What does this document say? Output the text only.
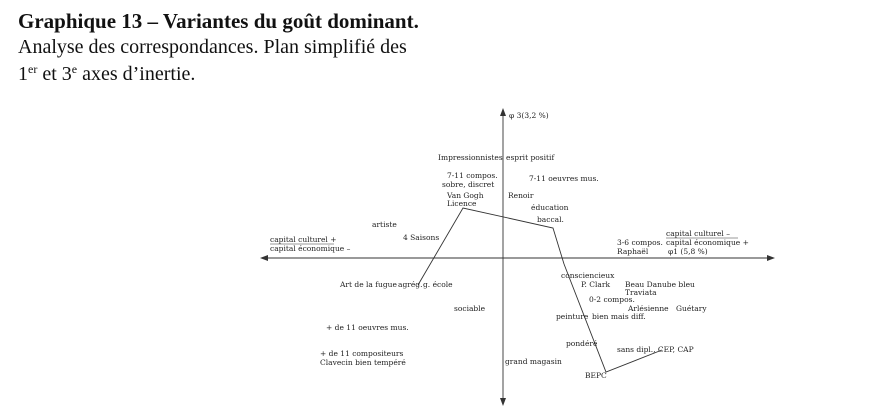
Graphique 13 – Variantes du goût dominant.

Analyse des correspondances. Plan simplifié des

1er et 3e axes d’inertie.

φ 3(3,2 %)
φ1 (5,8 %)
capital culturel +
capital économique –
capital culturel –
capital économique +
Impressionnistes esprit positif
7-11 compos.
sobre, discret
7-11 oeuvres mus.
Van Gogh
Licence
Renoir
éducation
baccal.
artiste
4 Saisons
3-6 compos.
Raphaël
consciencieux
P. Clark Beau Danube bleu
Traviata
Art de la fugue agrég. g. école
0-2 compos.
Arlésienne Guétary
sociable
peinture bien mais diff.
+ de 11 oeuvres mus.
pondéré
sans dipl., CEP, CAP
+ de 11 compositeurs
Clavecin bien tempéré	grand magasin
BEPC
